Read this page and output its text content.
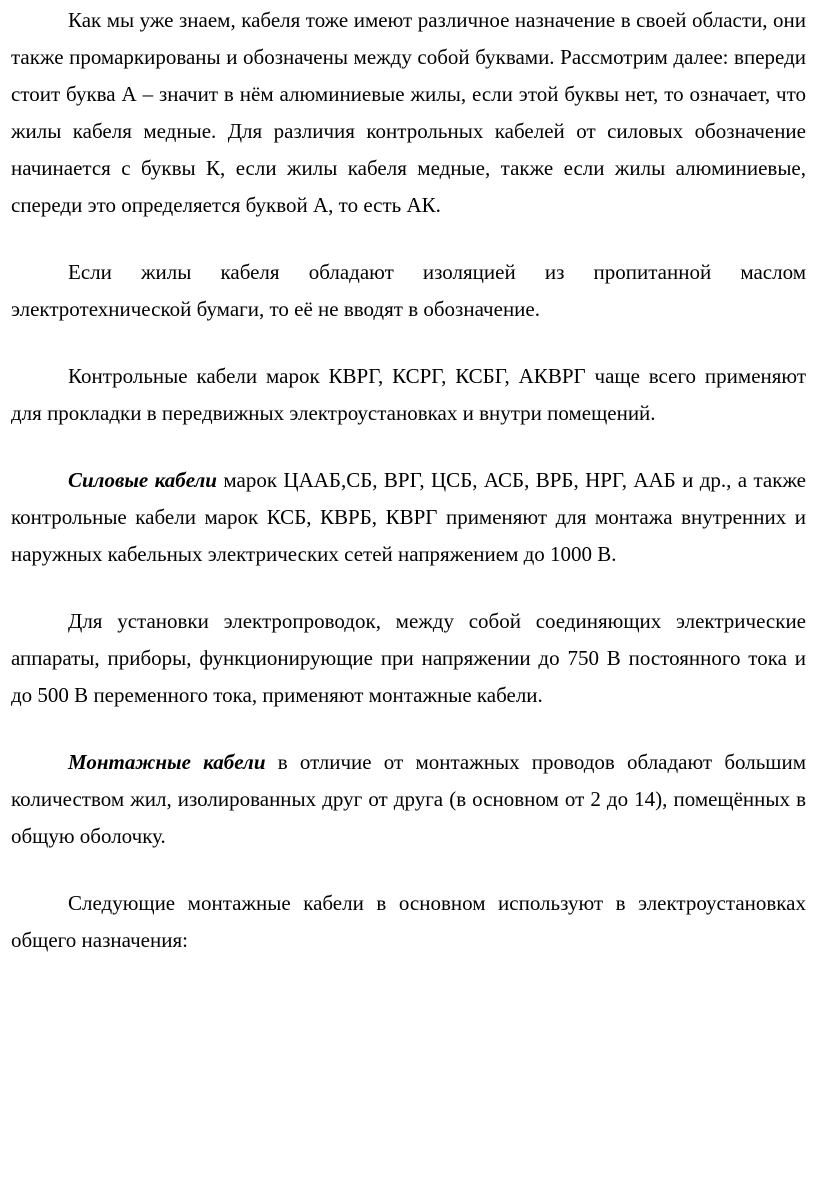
Как мы уже знаем, кабеля тоже имеют различное назначение в своей области, они также промаркированы и обозначены между собой буквами. Рассмотрим далее: впереди стоит буква А – значит в нём алюминиевые жилы, если этой буквы нет, то означает, что жилы кабеля медные. Для различия контрольных кабелей от силовых обозначение начинается с буквы К, если жилы кабеля медные, также если жилы алюминиевые, спереди это определяется буквой А, то есть АК.

Если жилы кабеля обладают изоляцией из пропитанной маслом электротехнической бумаги, то её не вводят в обозначение.

Контрольные кабели марок КВРГ, КСРГ, КСБГ, АКВРГ чаще всего применяют для прокладки в передвижных электроустановках и внутри помещений.

Силовые кабели марок ЦААБ,СБ, ВРГ, ЦСБ, АСБ, ВРБ, НРГ, ААБ и др., а также контрольные кабели марок КСБ, КВРБ, КВРГ применяют для монтажа внутренних и наружных кабельных электрических сетей напряжением до 1000 В.

Для установки электропроводок, между собой соединяющих электрические аппараты, приборы, функционирующие при напряжении до 750 В постоянного тока и до 500 В переменного тока, применяют монтажные кабели.

Монтажные кабели в отличие от монтажных проводов обладают большим количеством жил, изолированных друг от друга (в основном от 2 до 14), помещённых в общую оболочку.

Следующие монтажные кабели в основном используют в электроустановках общего назначения:
